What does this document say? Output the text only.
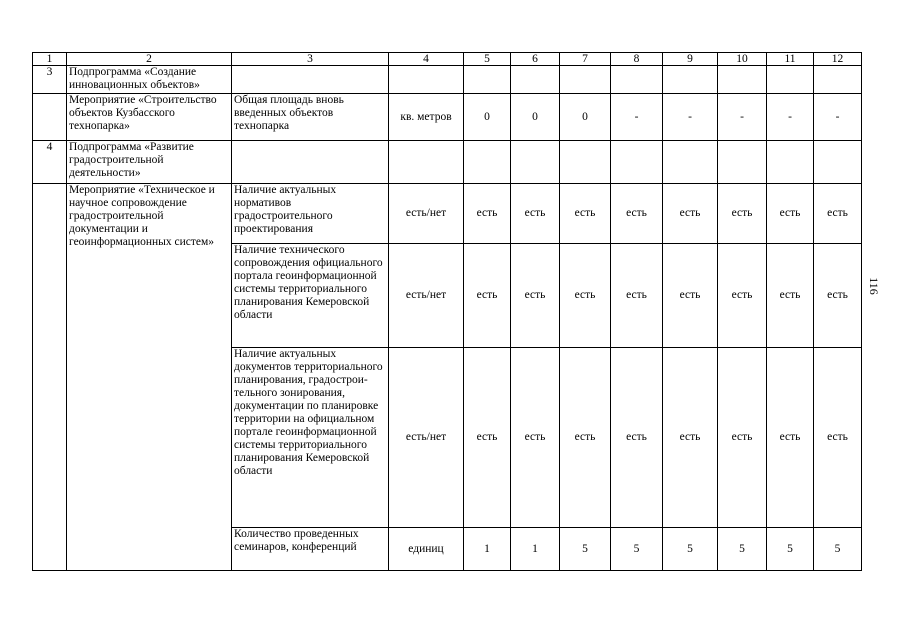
1	2	3	4	5	6	7	8	9	10	11	12
3	Подпрограмма «Создание инновационных объектов»										
	Мероприятие «Строительство объектов Кузбасского технопарка»	Общая площадь вновь введенных объектов технопарка	кв. метров	0	0	0	-	-	-	-	-
4	Подпрограмма «Развитие градостроительной деятельности»										
	Мероприятие «Техническое и научное сопровождение градостроительной документации и геоинформационных систем»	Наличие актуальных нормативов градостроительного проектирования	есть/нет	есть	есть	есть	есть	есть	есть	есть	есть
		Наличие технического сопровождения официального портала геоинформационной системы территориального планирования Кемеровской области	есть/нет	есть	есть	есть	есть	есть	есть	есть	есть
		Наличие актуальных документов территориального планирования, градострои-тельного зонирования, документации по планировке территории на официальном портале геоинформационной системы территориального планирования Кемеровской области	есть/нет	есть	есть	есть	есть	есть	есть	есть	есть
		Количество проведенных семинаров, конференций	единиц	1	1	5	5	5	5	5	5
116
